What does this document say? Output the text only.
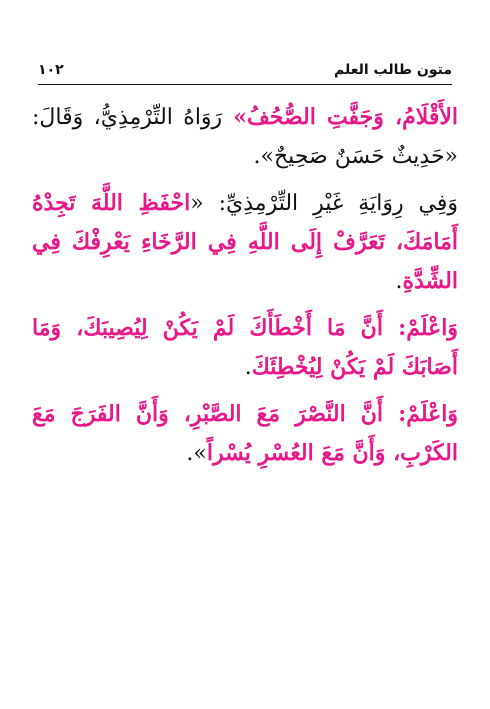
١٠٢	متون طالب العلم

الأَقْلَامُ، وَجَفَّتِ الصُّحُفُ» رَوَاهُ التِّرْمِذِيُّ، وَقَالَ: «حَدِيثٌ حَسَنٌ صَحِيحٌ».

وَفِي رِوَايَةِ غَيْرِ التِّرْمِذِيِّ: «احْفَظِ اللَّهَ تَجِدْهُ أَمَامَكَ، تَعَرَّفْ إِلَى اللَّهِ فِي الرَّخَاءِ يَعْرِفْكَ فِي الشِّدَّةِ.

وَاعْلَمْ: أَنَّ مَا أَخْطَأَكَ لَمْ يَكُنْ لِيُصِيبَكَ، وَمَا أَصَابَكَ لَمْ يَكُنْ لِيُخْطِئَكَ.

وَاعْلَمْ: أَنَّ النَّصْرَ مَعَ الصَّبْرِ، وَأَنَّ الفَرَجَ مَعَ الكَرْبِ، وَأَنَّ مَعَ العُسْرِ يُسْراً».
